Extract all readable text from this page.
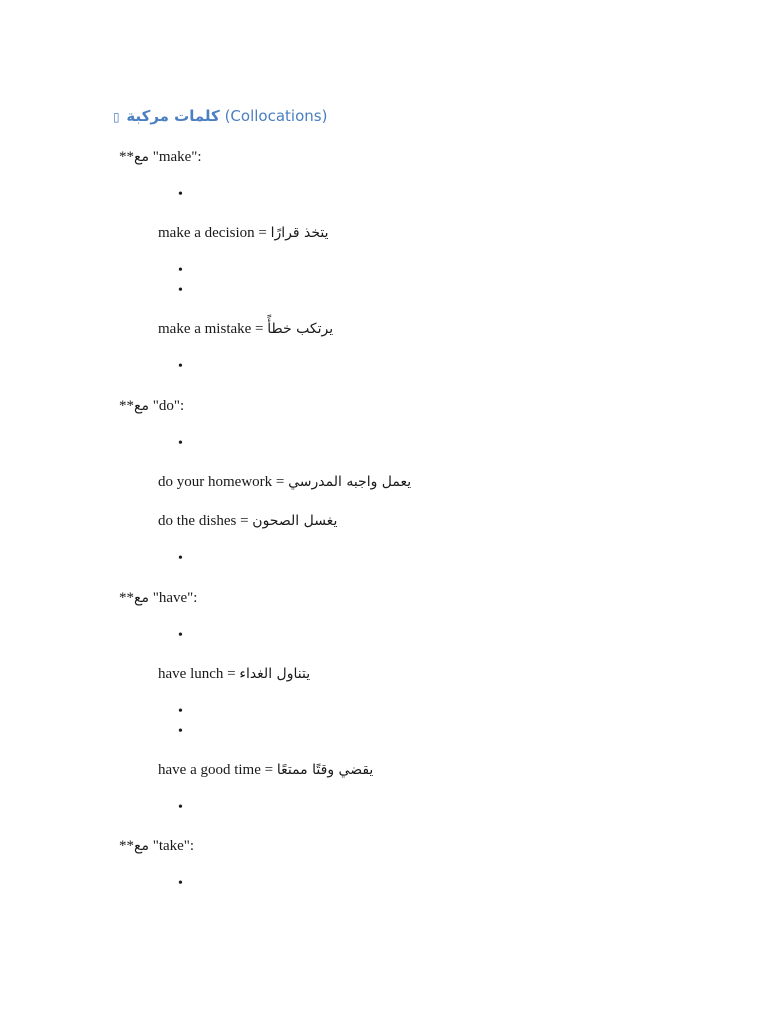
▯ كلمات مركبة (Collocations)
**مع "make":
•
make a decision = يتخذ قرارًا
•
•
make a mistake = يرتكب خطأً
•
**مع "do":
•
do your homework = يعمل واجبه المدرسي
do the dishes = يغسل الصحون
•
**مع "have":
•
have lunch = يتناول الغداء
•
•
have a good time = يقضي وقتًا ممتعًا
•
**مع "take":
•
